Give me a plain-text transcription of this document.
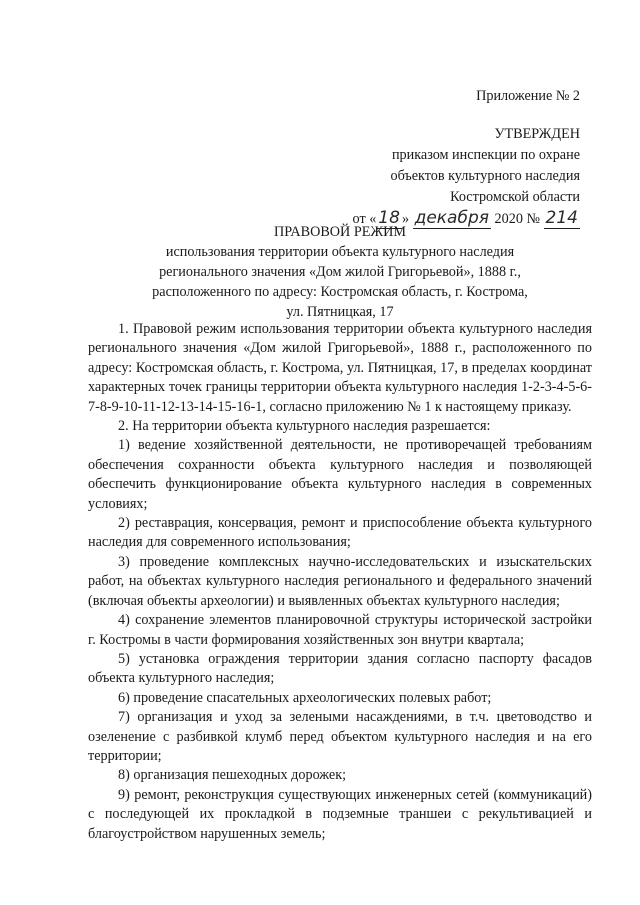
Приложение № 2
УТВЕРЖДЕН
приказом инспекции по охране
объектов культурного наследия
Костромской области
от « 18 » декабря 2020 № 214
ПРАВОВОЙ РЕЖИМ
использования территории объекта культурного наследия
регионального значения «Дом жилой Григорьевой», 1888 г.,
расположенного по адресу: Костромская область, г. Кострома,
ул. Пятницкая, 17

1. Правовой режим использования территории объекта культурного наследия регионального значения «Дом жилой Григорьевой», 1888 г., расположенного по адресу: Костромская область, г. Кострома, ул. Пятницкая, 17, в пределах координат характерных точек границы территории объекта культурного наследия 1-2-3-4-5-6-7-8-9-10-11-12-13-14-15-16-1, согласно приложению № 1 к настоящему приказу.

2. На территории объекта культурного наследия разрешается:

1) ведение хозяйственной деятельности, не противоречащей требованиям обеспечения сохранности объекта культурного наследия и позволяющей обеспечить функционирование объекта культурного наследия в современных условиях;

2) реставрация, консервация, ремонт и приспособление объекта культурного наследия для современного использования;

3) проведение комплексных научно-исследовательских и изыскательских работ, на объектах культурного наследия регионального и федерального значений (включая объекты археологии) и выявленных объектах культурного наследия;

4) сохранение элементов планировочной структуры исторической застройки г. Костромы в части формирования хозяйственных зон внутри квартала;

5) установка ограждения территории здания согласно паспорту фасадов объекта культурного наследия;

6) проведение спасательных археологических полевых работ;

7) организация и уход за зелеными насаждениями, в т.ч. цветоводство и озеленение с разбивкой клумб перед объектом культурного наследия и на его территории;

8) организация пешеходных дорожек;

9) ремонт, реконструкция существующих инженерных сетей (коммуникаций) с последующей их прокладкой в подземные траншеи с рекультивацией и благоустройством нарушенных земель;
